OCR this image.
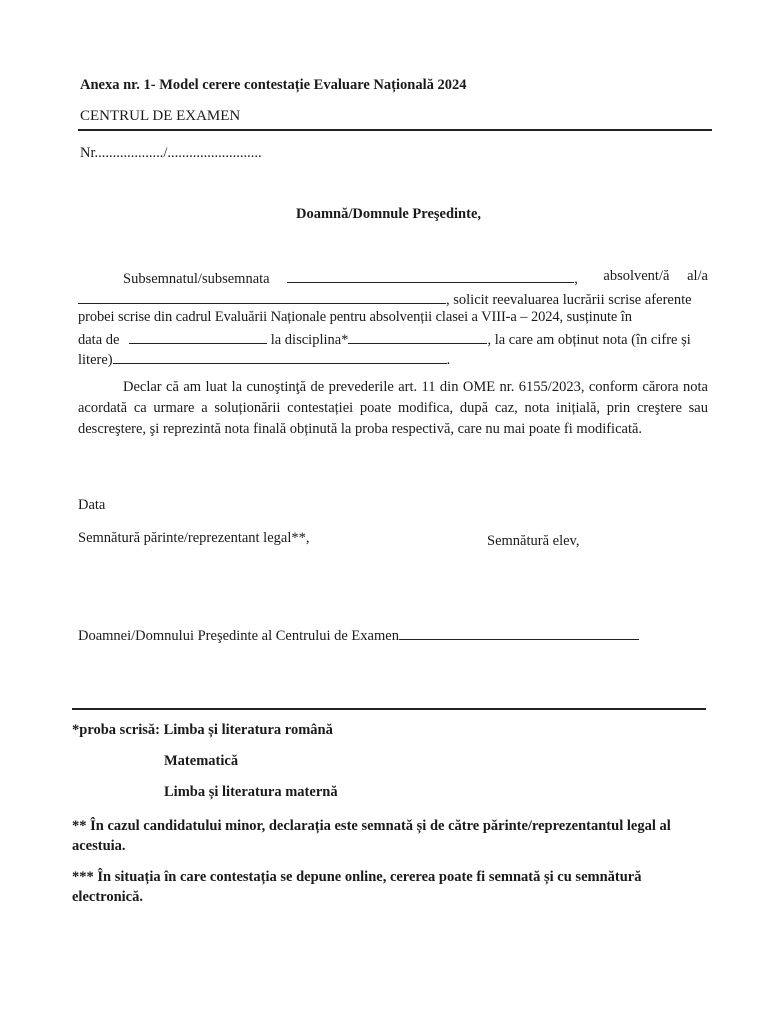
Anexa nr. 1- Model cerere contestație Evaluare Națională 2024
CENTRUL DE EXAMEN
Nr.................../..........................
Doamnă/Domnule Preşedinte,
Subsemnatul/subsemnata	, absolvent/ă al/a
, solicit reevaluarea lucrării scrise aferente
probei scrise din cadrul Evaluării Naționale pentru absolvenții clasei a VIII-a – 2024, susținute în
data de	la disciplina*	, la care am obținut nota (în cifre și
litere)	.
Declar că am luat la cunoştinţă de prevederile art. 11 din OME nr. 6155/2023, conform cărora nota acordată ca urmare a soluționării contestației poate modifica, după caz, nota inițială, prin creştere sau descreştere, şi reprezintă nota finală obținută la proba respectivă, care nu mai poate fi modificată.
Data
Semnătură părinte/reprezentant legal**,	Semnătură elev,
Doamnei/Domnului Preşedinte al Centrului de Examen
*proba scrisă: Limba și literatura română
Matematică
Limba și literatura maternă
** În cazul candidatului minor, declarația este semnată și de către părinte/reprezentantul legal al acestuia.
*** În situația în care contestația se depune online, cererea poate fi semnată și cu semnătură electronică.
